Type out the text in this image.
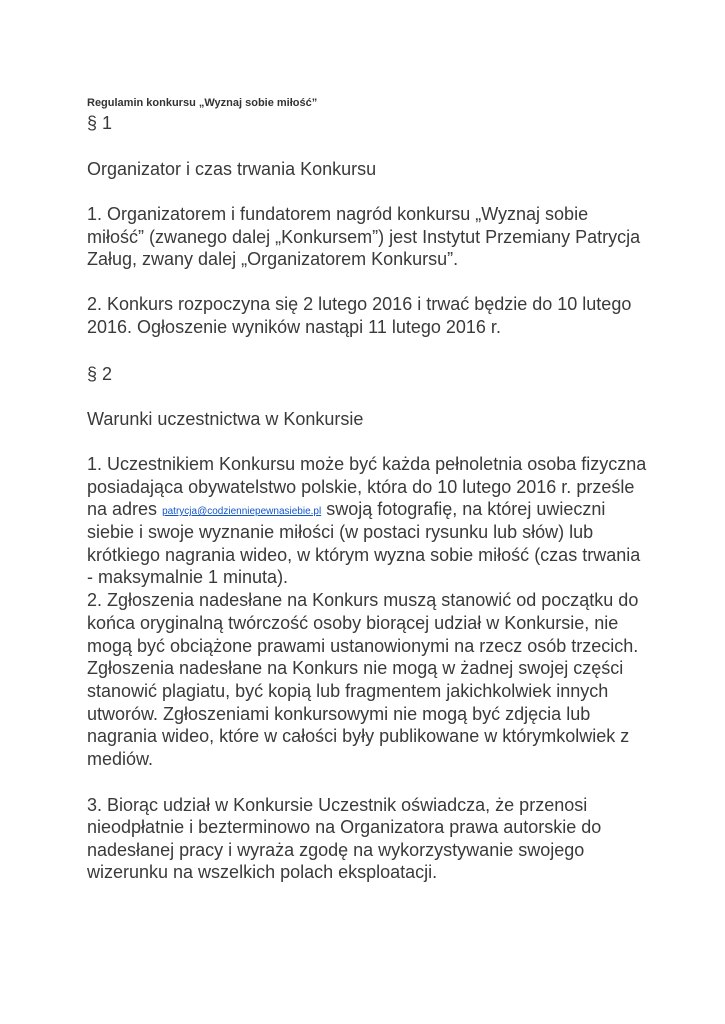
Regulamin konkursu „Wyznaj sobie miłość”

§ 1

Organizator i czas trwania Konkursu

1. Organizatorem i fundatorem nagród konkursu „Wyznaj sobie

miłość” (zwanego dalej „Konkursem”) jest Instytut Przemiany Patrycja

Załug, zwany dalej „Organizatorem Konkursu”.

2. Konkurs rozpoczyna się 2 lutego 2016 i trwać będzie do 10 lutego

2016. Ogłoszenie wyników nastąpi 11 lutego 2016 r.

§ 2

Warunki uczestnictwa w Konkursie

1. Uczestnikiem Konkursu może być każda pełnoletnia osoba fizyczna

posiadająca obywatelstwo polskie, która do 10 lutego 2016 r. prześle

na adres patrycja@codzienniepewnasiebie.pl swoją fotografię, na której uwieczni

siebie i swoje wyznanie miłości (w postaci rysunku lub słów) lub

krótkiego nagrania wideo, w którym wyzna sobie miłość (czas trwania

- maksymalnie 1 minuta).

2. Zgłoszenia nadesłane na Konkurs muszą stanowić od początku do

końca oryginalną twórczość osoby biorącej udział w Konkursie, nie

mogą być obciążone prawami ustanowionymi na rzecz osób trzecich.

Zgłoszenia nadesłane na Konkurs nie mogą w żadnej swojej części

stanowić plagiatu, być kopią lub fragmentem jakichkolwiek innych

utworów. Zgłoszeniami konkursowymi nie mogą być zdjęcia lub

nagrania wideo, które w całości były publikowane w którymkolwiek z

mediów.

3. Biorąc udział w Konkursie Uczestnik oświadcza, że przenosi

nieodpłatnie i bezterminowo na Organizatora prawa autorskie do

nadesłanej pracy i wyraża zgodę na wykorzystywanie swojego

wizerunku na wszelkich polach eksploatacji.
